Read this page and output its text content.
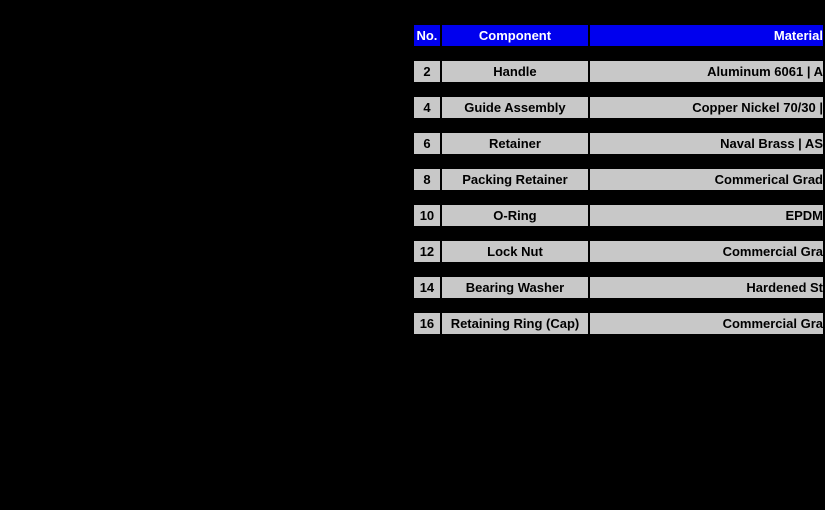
No.	Component	Material

2	Handle	Aluminum 6061 | A

4	Guide Assembly	Copper Nickel 70/30 |

6	Retainer	Naval Brass | AS

8	Packing Retainer	Commerical Grad

10	O-Ring	EPDM

12	Lock Nut	Commercial Gra

14	Bearing Washer	Hardened St

16	Retaining Ring (Cap)	Commercial Gra
